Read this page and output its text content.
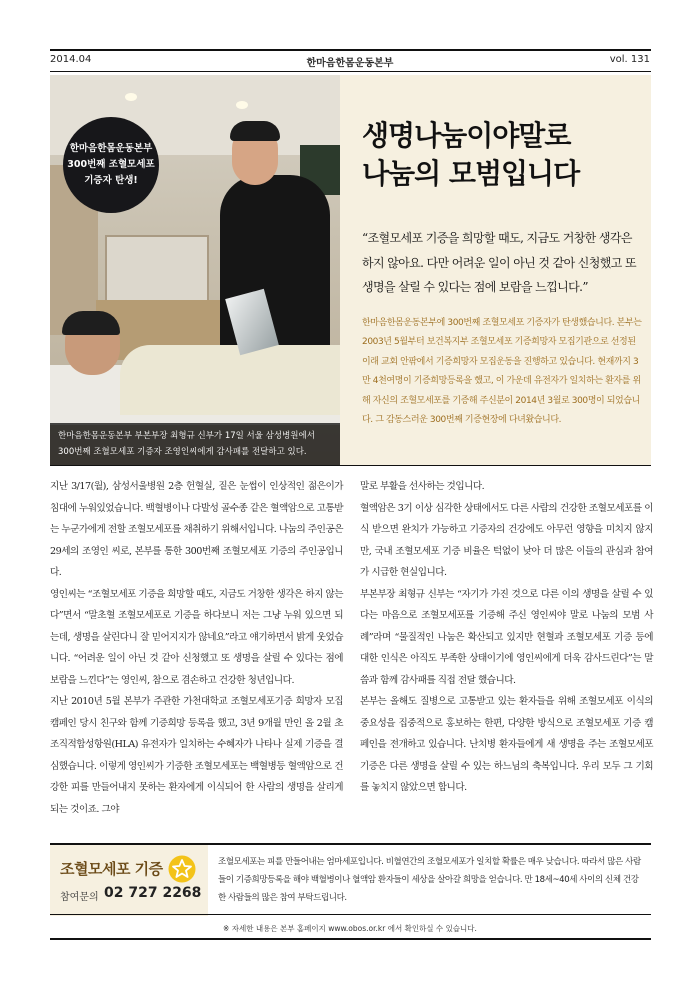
2014.04	한마음한몸운동본부	vol. 131
한마음한몸운동본부
300번째 조혈모세포
기증자 탄생!
한마음한몸운동본부 부본부장 최형규 신부가 17일 서울 삼성병원에서
300번째 조혈모세포 기증자 조영인씨에게 감사패를 전달하고 있다.
생명나눔이야말로
나눔의 모범입니다
“조혈모세포 기증을 희망할 때도, 지금도 거창한 생각은 하지 않아요. 다만 어려운 일이 아닌 것 같아 신청했고 또 생명을 살릴 수 있다는 점에 보람을 느낍니다.”
한마음한몸운동본부에 300번째 조혈모세포 기증자가 탄생했습니다. 본부는 2003년 5월부터 보건복지부 조혈모세포 기증희망자 모집기관으로 선정된 이래 교회 안팎에서 기증희망자 모집운동을 진행하고 있습니다. 현재까지 3만 4천여명이 기증희망등록을 했고, 이 가운데 유전자가 일치하는 환자를 위해 자신의 조혈모세포를 기증해 주신분이 2014년 3월로 300명이 되었습니다. 그 감동스러운 300번째 기증현장에 다녀왔습니다.

지난 3/17(월), 삼성서울병원 2층 헌혈실, 짙은 눈썹이 인상적인 젊은이가 침대에 누워있었습니다. 백혈병이나 다발성 골수종 같은 혈액암으로 고통받는 누군가에게 전할 조혈모세포를 채취하기 위해서입니다. 나눔의 주인공은 29세의 조영인 씨로, 본부를 통한 300번째 조혈모세포 기증의 주인공입니다.

영인씨는 “조혈모세포 기증을 희망할 때도, 지금도 거창한 생각은 하지 않는다”면서 “말초혈 조혈모세포로 기증을 하다보니 저는 그냥 누워 있으면 되는데, 생명을 살린다니 잘 믿어지지가 않네요”라고 얘기하면서 밝게 웃었습니다. “어려운 일이 아닌 것 같아 신청했고 또 생명을 살릴 수 있다는 점에 보람을 느낀다”는 영인씨, 참으로 겸손하고 건강한 청년입니다.

지난 2010년 5월 본부가 주관한 가천대학교 조혈모세포기증 희망자 모집 캠페인 당시 친구와 함께 기증희망 등록을 했고, 3년 9개월 만인 올 2월 초 조직적합성항원(HLA) 유전자가 일치하는 수혜자가 나타나 실제 기증을 결심했습니다. 이렇게 영인씨가 기증한 조혈모세포는 백혈병등 혈액암으로 건강한 피를 만들어내지 못하는 환자에게 이식되어 한 사람의 생명을 살리게 되는 것이죠. 그야

말로 부활을 선사하는 것입니다.

혈액암은 3기 이상 심각한 상태에서도 다른 사람의 건강한 조혈모세포를 이식 받으면 완치가 가능하고 기증자의 건강에도 아무런 영향을 미치지 않지만, 국내 조혈모세포 기증 비율은 턱없이 낮아 더 많은 이들의 관심과 참여가 시급한 현실입니다.

부본부장 최형규 신부는 “자기가 가진 것으로 다른 이의 생명을 살릴 수 있다는 마음으로 조혈모세포를 기증해 주신 영인씨야 말로 나눔의 모범 사례”라며 “물질적인 나눔은 확산되고 있지만 현혈과 조혈모세포 기증 등에 대한 인식은 아직도 부족한 상태이기에 영인씨에게 더욱 감사드린다”는 말씀과 함께 감사패를 직접 전달 했습니다.

본부는 올해도 질병으로 고통받고 있는 환자들을 위해 조혈모세포 이식의 중요성을 집중적으로 홍보하는 한편, 다양한 방식으로 조혈모세포 기증 캠페인을 전개하고 있습니다. 난치병 환자들에게 새 생명을 주는 조혈모세포 기증은 다른 생명을 살릴 수 있는 하느님의 축복입니다. 우리 모두 그 기회를 놓치지 않았으면 합니다.

조혈모세포 기증
참여문의 02 727 2268
조혈모세포는 피를 만들어내는 엄마세포입니다. 비혈연간의 조혈모세포가 일치할 확률은 매우 낮습니다. 따라서 많은 사람들이 기증희망등록을 해야 백혈병이나 혈액암 환자들이 세상을 살아갈 희망을 얻습니다. 만 18세~40세 사이의 신체 건강한 사람들의 많은 참여 부탁드립니다.
※ 자세한 내용은 본부 홈페이지 www.obos.or.kr 에서 확인하실 수 있습니다.
